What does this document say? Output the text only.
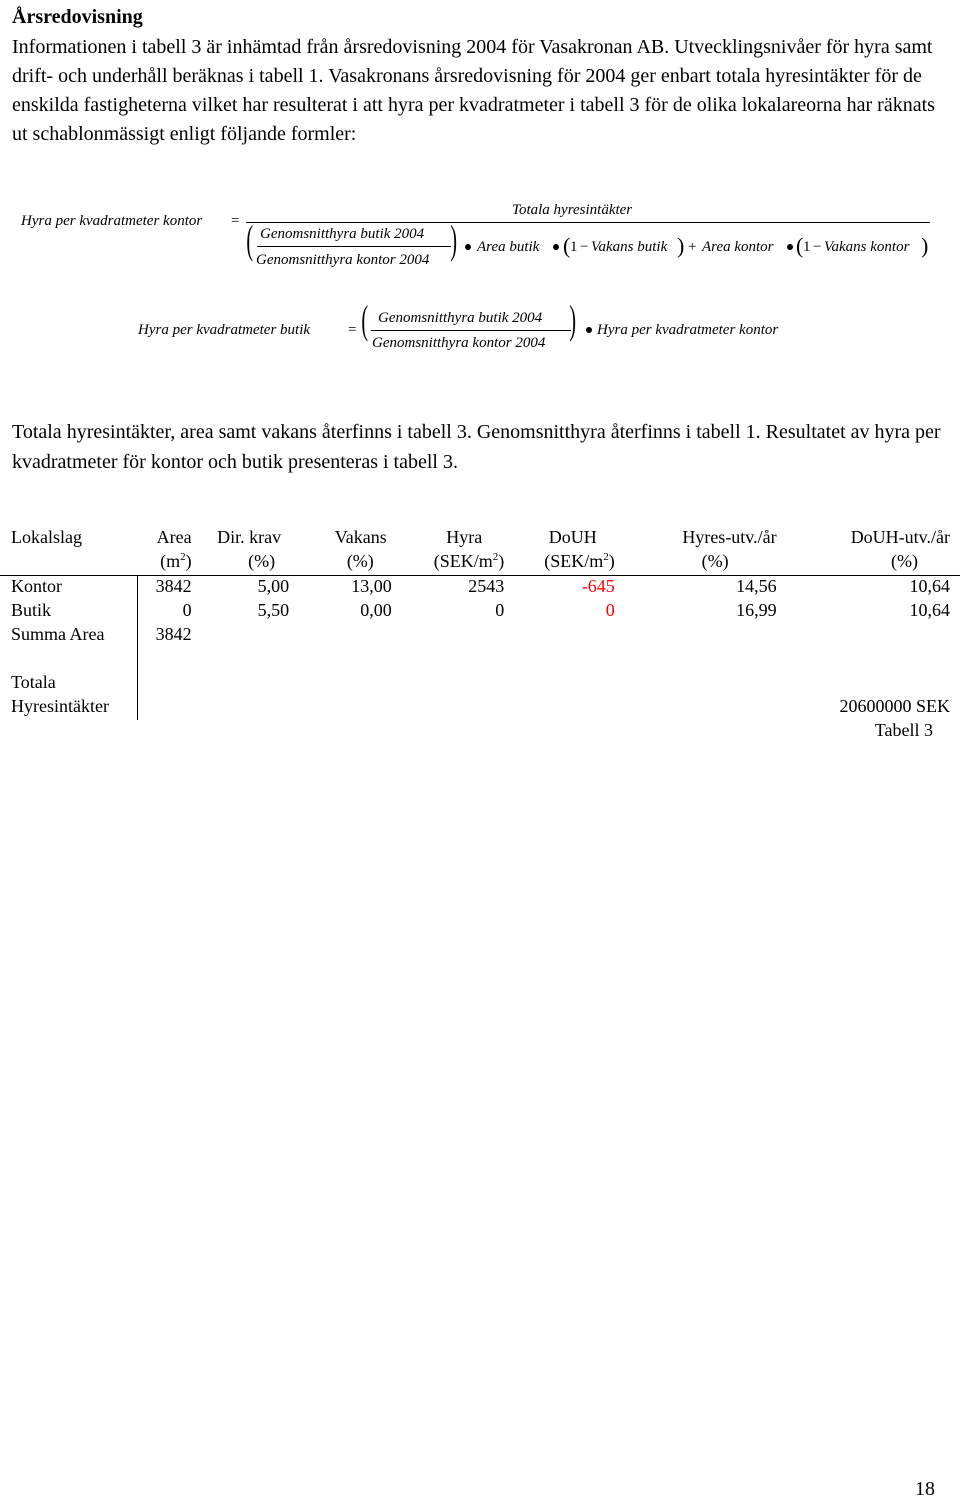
Årsredovisning

Informationen i tabell 3 är inhämtad från årsredovisning 2004 för Vasakronan AB. Utvecklingsnivåer för hyra samt drift- och underhåll beräknas i tabell 1. Vasakronans årsredovisning för 2004 ger enbart totala hyresintäkter för de enskilda fastigheterna vilket har resulterat i att hyra per kvadratmeter i tabell 3 för de olika lokalareorna har räknats ut schablonmässigt enligt följande formler:

Hyra per kvadratmeter kontor =
Totala hyresintäkter
( Genomsnitthyra butik 2004
Genomsnitthyra kontor 2004 ) Area butik ( 1 − Vakans butik ) + Area kontor ( 1 − Vakans kontor )
Hyra per kvadratmeter butik	= ( Genomsnitthyra butik 2004
Genomsnitthyra kontor 2004
) Hyra per kvadratmeter kontor

Totala hyresintäkter, area samt vakans återfinns i tabell 3. Genomsnitthyra återfinns i tabell 1. Resultatet av hyra per kvadratmeter för kontor och butik presenteras i tabell 3.

Lokalslag	Area	Dir. krav	Vakans	Hyra	DoUH	Hyres-utv./år	DoUH-utv./år
	$(m^2)$	(%)	(%)	$(SEK/m^2)$	$(SEK/m^2)$	(%)	(%)
Kontor	3842	5,00	13,00	2543	-645	14,56	10,64
Butik	0	5,50	0,00	0	0	16,99	10,64
Summa Area	3842						

Totala							
Hyresintäkter							20600000 SEK
							Tabell 3
18
